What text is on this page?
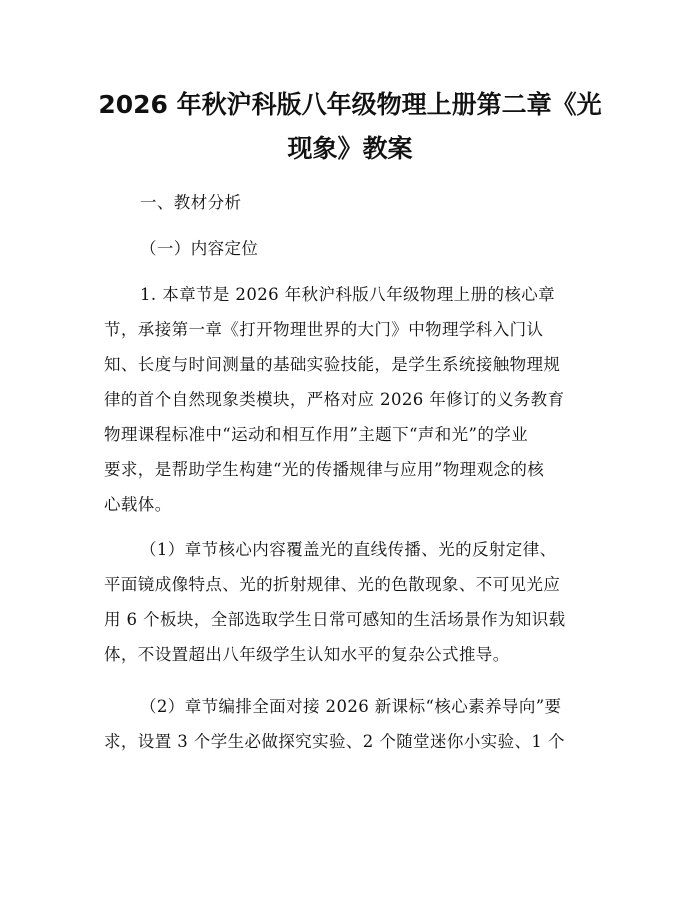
2026 年秋沪科版八年级物理上册第二章《光
现象》教案

一、教材分析

（一）内容定位

1. 本章节是 2026 年秋沪科版八年级物理上册的核心章

节，承接第一章《打开物理世界的大门》中物理学科入门认

知、长度与时间测量的基础实验技能，是学生系统接触物理规

律的首个自然现象类模块，严格对应 2026 年修订的义务教育

物理课程标准中“运动和相互作用”主题下“声和光”的学业

要求，是帮助学生构建“光的传播规律与应用”物理观念的核

心载体。

（1）章节核心内容覆盖光的直线传播、光的反射定律、

平面镜成像特点、光的折射规律、光的色散现象、不可见光应

用 6 个板块，全部选取学生日常可感知的生活场景作为知识载

体，不设置超出八年级学生认知水平的复杂公式推导。

（2）章节编排全面对接 2026 新课标“核心素养导向”要

求，设置 3 个学生必做探究实验、2 个随堂迷你小实验、1 个
